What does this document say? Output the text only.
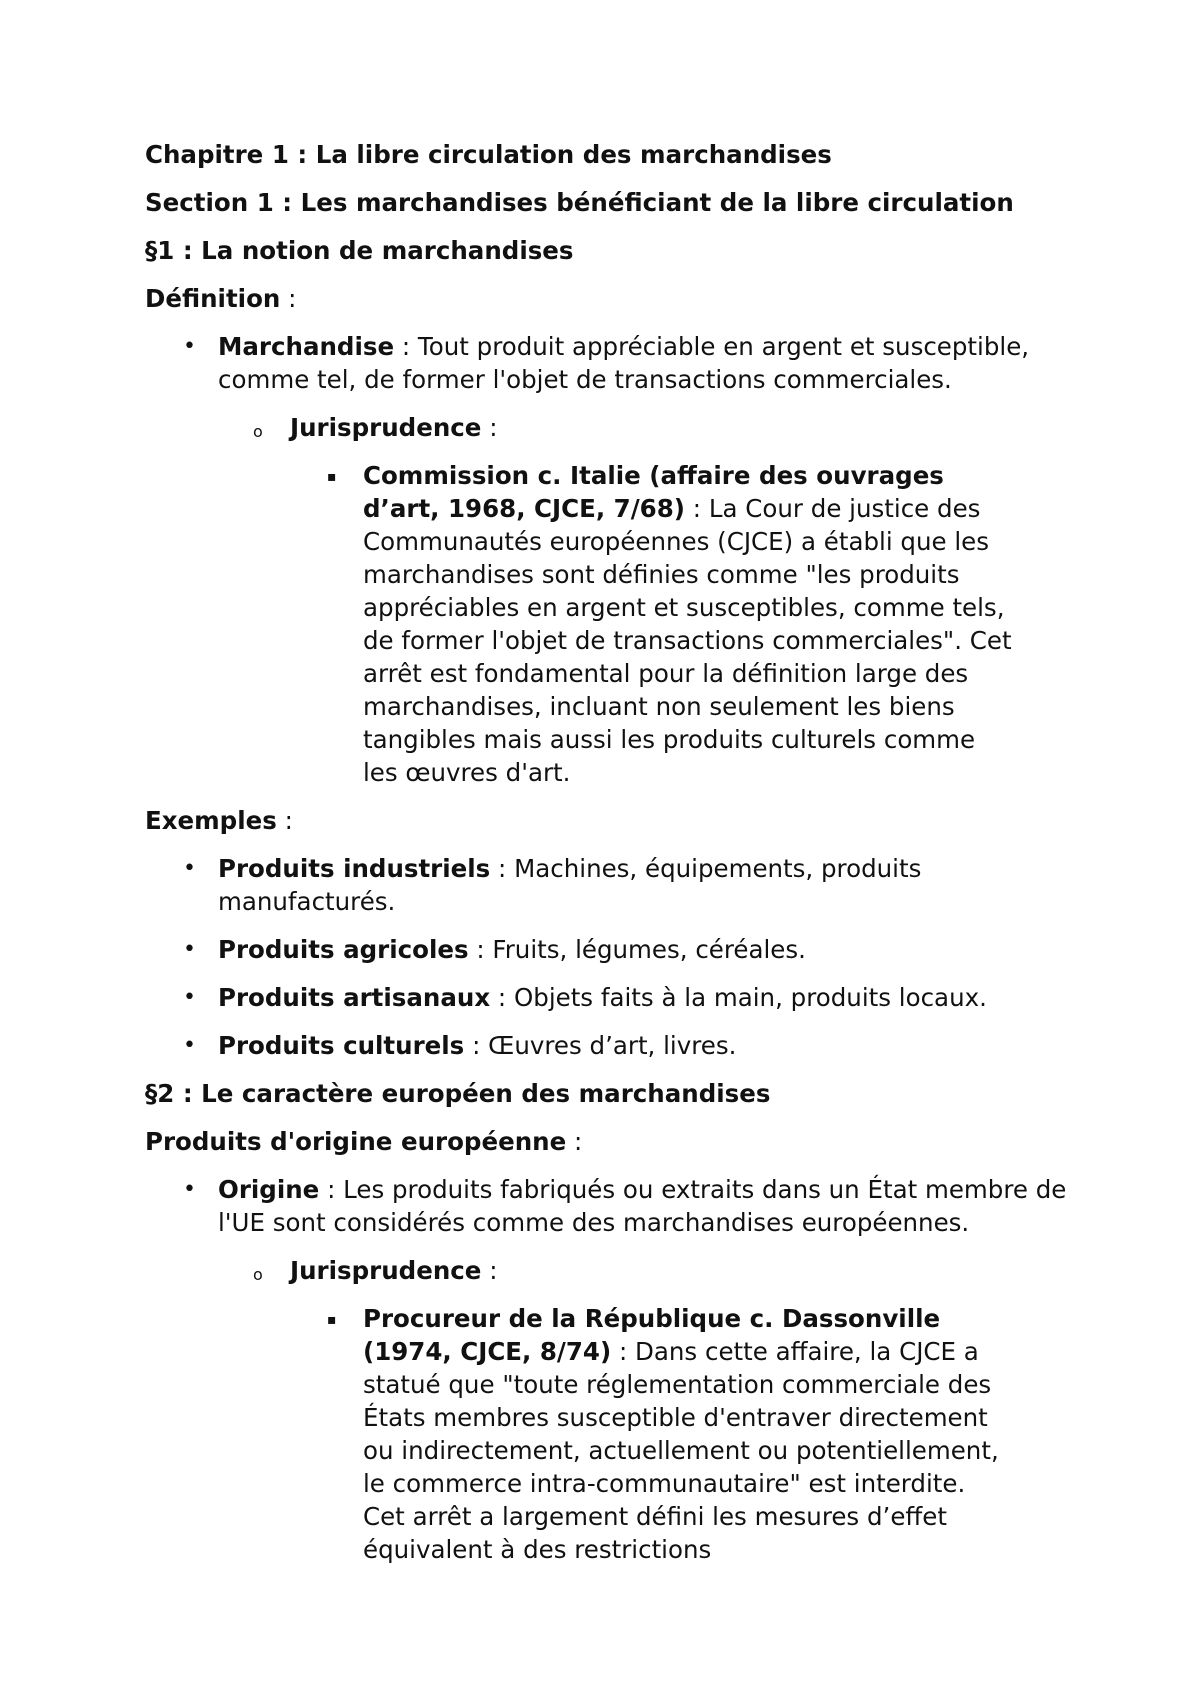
Chapitre 1 : La libre circulation des marchandises
Section 1 : Les marchandises bénéficiant de la libre circulation
§1 : La notion de marchandises
Définition :
• Marchandise : Tout produit appréciable en argent et susceptible, comme tel, de former l'objet de transactions commerciales.
o Jurisprudence :
▪ Commission c. Italie (affaire des ouvrages d’art, 1968, CJCE, 7/68) : La Cour de justice des Communautés européennes (CJCE) a établi que les marchandises sont définies comme "les produits appréciables en argent et susceptibles, comme tels, de former l'objet de transactions commerciales". Cet arrêt est fondamental pour la définition large des marchandises, incluant non seulement les biens tangibles mais aussi les produits culturels comme les œuvres d'art.
Exemples :
• Produits industriels : Machines, équipements, produits manufacturés.
• Produits agricoles : Fruits, légumes, céréales.
• Produits artisanaux : Objets faits à la main, produits locaux.
• Produits culturels : Œuvres d’art, livres.
§2 : Le caractère européen des marchandises
Produits d'origine européenne :
• Origine : Les produits fabriqués ou extraits dans un État membre de l'UE sont considérés comme des marchandises européennes.
o Jurisprudence :
▪ Procureur de la République c. Dassonville (1974, CJCE, 8/74) : Dans cette affaire, la CJCE a statué que "toute réglementation commerciale des États membres susceptible d'entraver directement ou indirectement, actuellement ou potentiellement, le commerce intra-communautaire" est interdite. Cet arrêt a largement défini les mesures d’effet équivalent à des restrictions
